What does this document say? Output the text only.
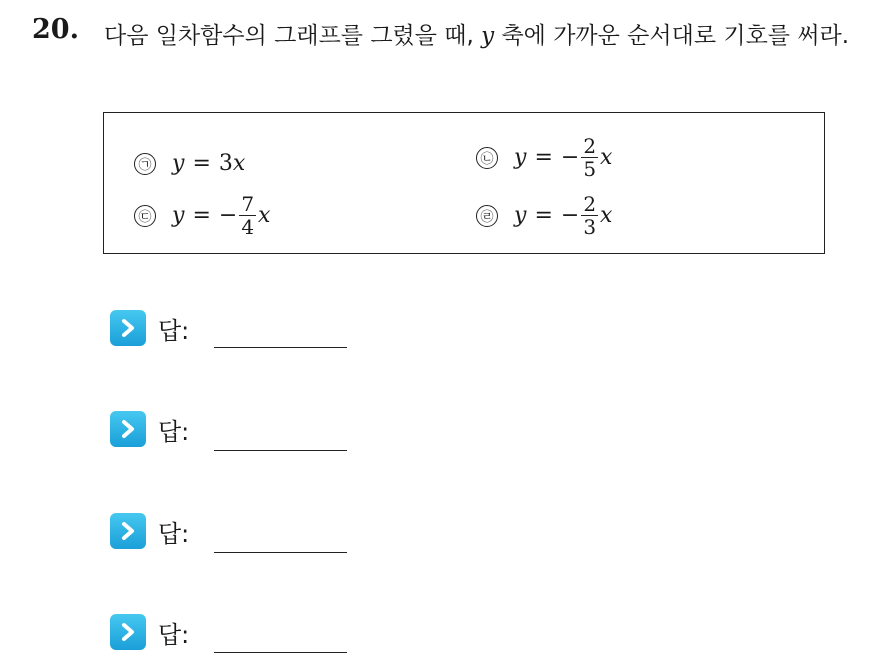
20. 다음 일차함수의 그래프를 그렸을 때, y 축에 가까운 순서대로 기호를 써라.
㉠ y = 3 x	㉡ y = − $\frac{2}{5}$ x
㉢ y = − $\frac{7}{4}$ x	㉣ y = − $\frac{2}{3}$ x
답:
답:
답:
답:
